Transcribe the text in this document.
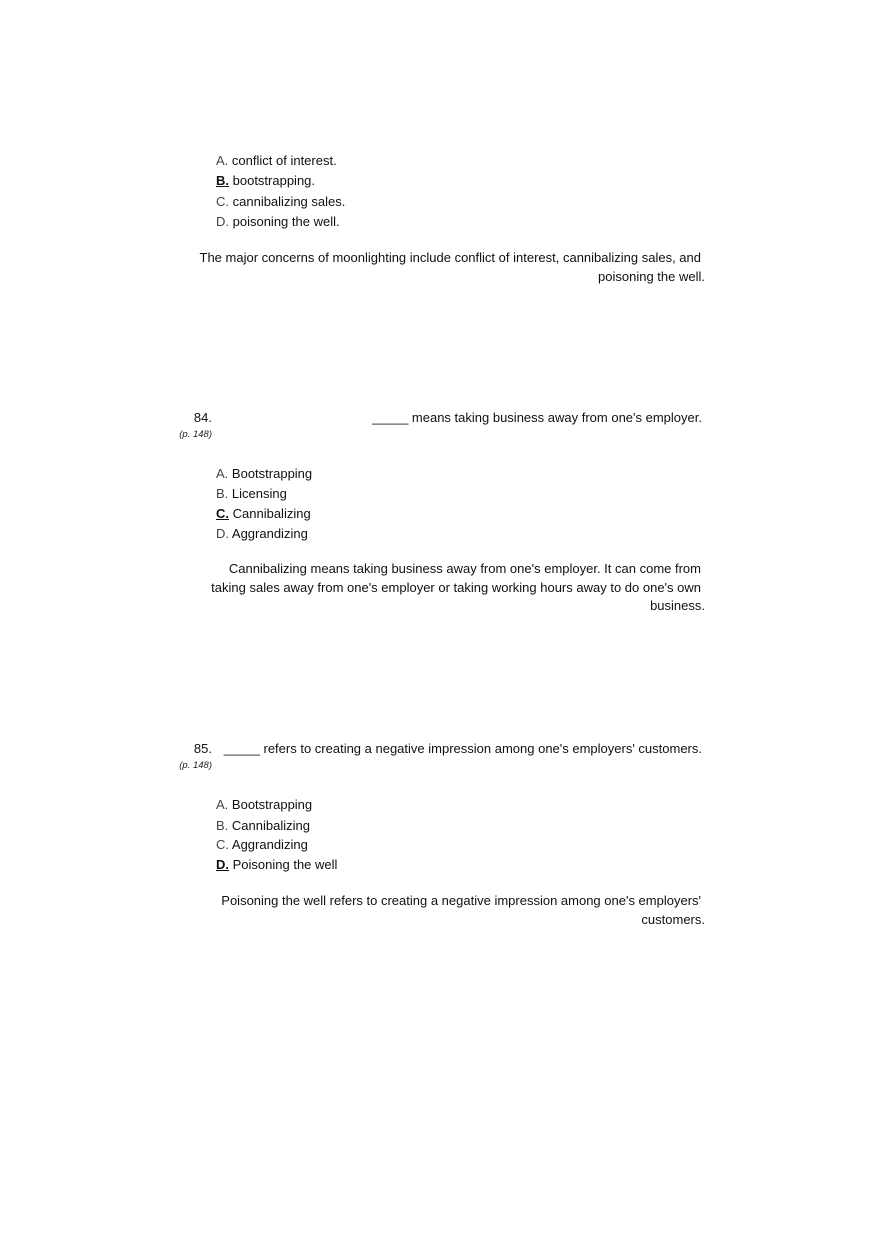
A. conflict of interest.
B. bootstrapping.
C. cannibalizing sales.
D. poisoning the well.
The major concerns of moonlighting include conflict of interest, cannibalizing sales, and
poisoning the well.
84.
(p. 148)
_____ means taking business away from one's employer.
A. Bootstrapping
B. Licensing
C. Cannibalizing
D. Aggrandizing
Cannibalizing means taking business away from one's employer. It can come from
taking sales away from one's employer or taking working hours away to do one's own
business.
85.
(p. 148)
_____ refers to creating a negative impression among one's employers' customers.
A. Bootstrapping
B. Cannibalizing
C. Aggrandizing
D. Poisoning the well
Poisoning the well refers to creating a negative impression among one's employers'
customers.
